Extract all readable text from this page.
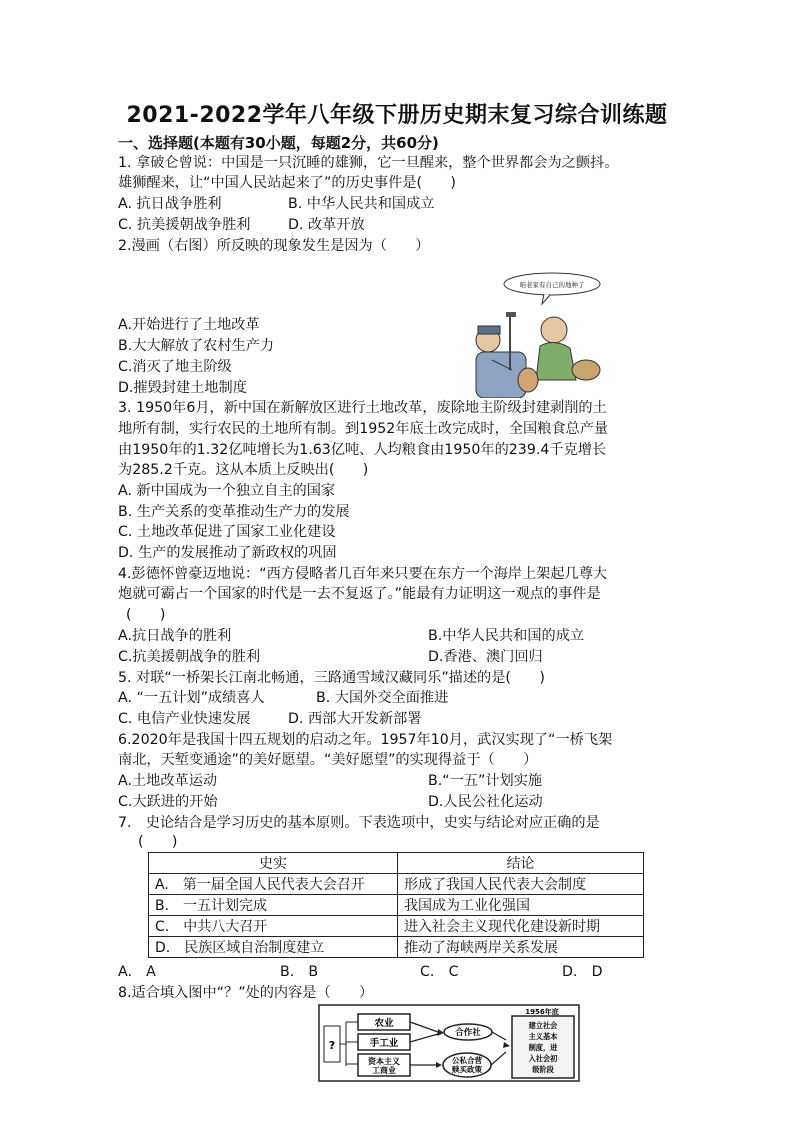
2021-2022学年八年级下册历史期末复习综合训练题
一、选择题(本题有30小题，每题2分，共60分)
1. 拿破仑曾说：中国是一只沉睡的雄狮，它一旦醒来，整个世界都会为之颤抖。
雄狮醒来，让“中国人民站起来了”的历史事件是(　　)
A. 抗日战争胜利	B. 中华人民共和国成立
C. 抗美援朝战争胜利	D. 改革开放
2.漫画（右图）所反映的现象发生是因为（　　）
A.开始进行了土地改革
B.大大解放了农村生产力
C.消灭了地主阶级
D.摧毁封建土地制度
咱老家有自己的地种了
3. 1950年6月，新中国在新解放区进行土地改革，废除地主阶级封建剥削的土
地所有制，实行农民的土地所有制。到1952年底土改完成时，全国粮食总产量
由1950年的1.32亿吨增长为1.63亿吨、人均粮食由1950年的239.4千克增长
为285.2千克。这从本质上反映出(　　)
A. 新中国成为一个独立自主的国家
B. 生产关系的变革推动生产力的发展
C. 土地改革促进了国家工业化建设
D. 生产的发展推动了新政权的巩固
4.彭德怀曾豪迈地说：“西方侵略者几百年来只要在东方一个海岸上架起几尊大
炮就可霸占一个国家的时代是一去不复返了。”能最有力证明这一观点的事件是
(　　)
A.抗日战争的胜利	B.中华人民共和国的成立
C.抗美援朝战争的胜利	D.香港、澳门回归
5. 对联“一桥架长江南北畅通，三路通雪域汉藏同乐”描述的是(　　)
A. “一五计划”成绩喜人	B. 大国外交全面推进
C. 电信产业快速发展	D. 西部大开发新部署
6.2020年是我国十四五规划的启动之年。1957年10月，武汉实现了“一桥飞架
南北，天堑变通途”的美好愿望。“美好愿望”的实现得益于（　　）
A.土地改革运动	B.“一五”计划实施
C.大跃进的开始	D.人民公社化运动
7.　史论结合是学习历史的基本原则。下表选项中，史实与结论对应正确的是
(　　)
史实	结论
A.　第一届全国人民代表大会召开	形成了我国人民代表大会制度
B.　一五计划完成	我国成为工业化强国
C.　中共八大召开	进入社会主义现代化建设新时期
D.　民族区域自治制度建立	推动了海峡两岸关系发展
A.　A	B.　B	C.　C	D.　D
8.适合填入图中“？”处的内容是（　　）
?
农业
手工业
资本主义
工商业
合作社
公私合营
赎买政策
1956年底
建立社会
主义基本
制度，进
入社会初
级阶段
